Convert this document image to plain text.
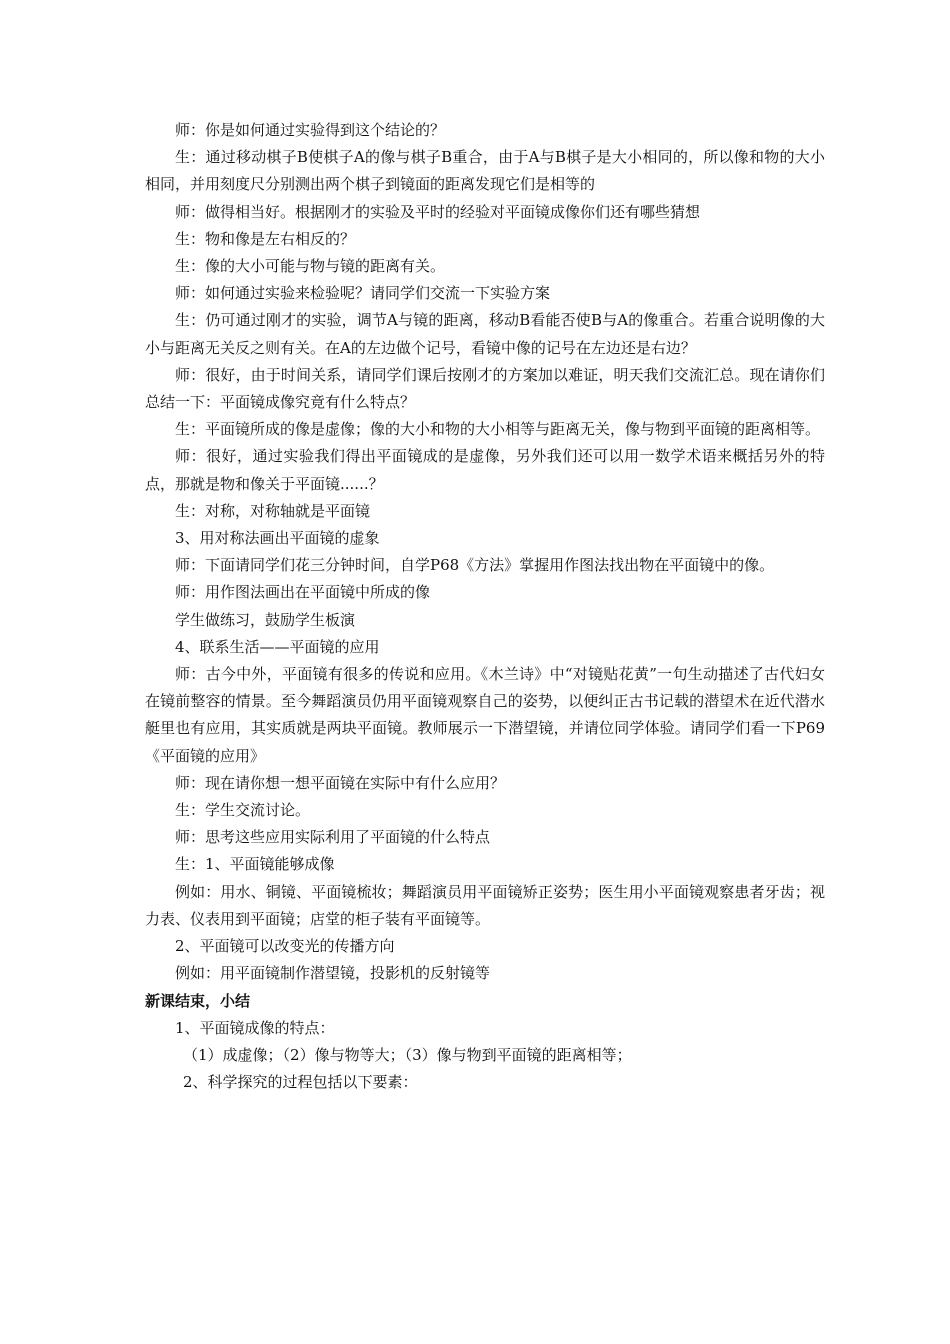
师：你是如何通过实验得到这个结论的？

生：通过移动棋子B使棋子A的像与棋子B重合，由于A与B棋子是大小相同的，所以像和物的大小相同，并用刻度尺分别测出两个棋子到镜面的距离发现它们是相等的

师：做得相当好。根据刚才的实验及平时的经验对平面镜成像你们还有哪些猜想

生：物和像是左右相反的？

生：像的大小可能与物与镜的距离有关。

师：如何通过实验来检验呢？请同学们交流一下实验方案

生：仍可通过刚才的实验，调节A与镜的距离，移动B看能否使B与A的像重合。若重合说明像的大小与距离无关反之则有关。在A的左边做个记号，看镜中像的记号在左边还是右边？

师：很好，由于时间关系，请同学们课后按刚才的方案加以难证，明天我们交流汇总。现在请你们总结一下：平面镜成像究竟有什么特点？

生：平面镜所成的像是虚像；像的大小和物的大小相等与距离无关，像与物到平面镜的距离相等。

师：很好，通过实验我们得出平面镜成的是虚像，另外我们还可以用一数学术语来概括另外的特点，那就是物和像关于平面镜......？

生：对称，对称轴就是平面镜

3、用对称法画出平面镜的虚象

师：下面请同学们花三分钟时间，自学P68《方法》掌握用作图法找出物在平面镜中的像。

师：用作图法画出在平面镜中所成的像

学生做练习，鼓励学生板演

4、联系生活——平面镜的应用

师：古今中外，平面镜有很多的传说和应用。《木兰诗》中“对镜贴花黄”一句生动描述了古代妇女在镜前整容的情景。至今舞蹈演员仍用平面镜观察自己的姿势，以便纠正古书记载的潜望术在近代潜水艇里也有应用，其实质就是两块平面镜。教师展示一下潜望镜，并请位同学体验。请同学们看一下P69《平面镜的应用》

师：现在请你想一想平面镜在实际中有什么应用？

生：学生交流讨论。

师：思考这些应用实际利用了平面镜的什么特点

生：1、平面镜能够成像

例如：用水、铜镜、平面镜梳妆；舞蹈演员用平面镜矫正姿势；医生用小平面镜观察患者牙齿；视力表、仪表用到平面镜；店堂的柜子装有平面镜等。

2、平面镜可以改变光的传播方向

例如：用平面镜制作潜望镜，投影机的反射镜等

新课结束，小结

1、平面镜成像的特点：

（1）成虚像；（2）像与物等大；（3）像与物到平面镜的距离相等；

2、科学探究的过程包括以下要素：
